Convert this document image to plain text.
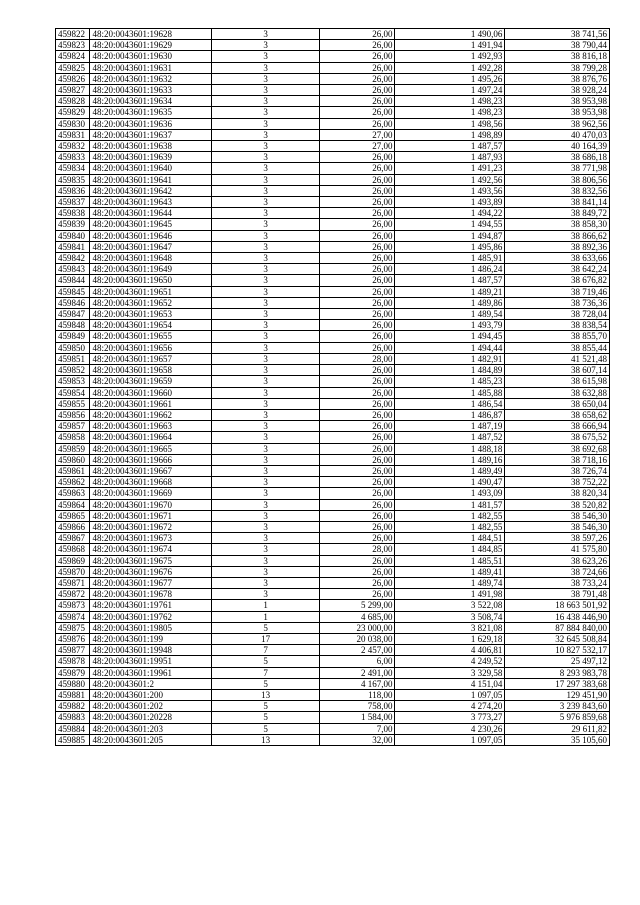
459822	48:20:0043601:19628	3	26,00	1 490,06	38 741,56
459823	48:20:0043601:19629	3	26,00	1 491,94	38 790,44
459824	48:20:0043601:19630	3	26,00	1 492,93	38 816,18
459825	48:20:0043601:19631	3	26,00	1 492,28	38 799,28
459826	48:20:0043601:19632	3	26,00	1 495,26	38 876,76
459827	48:20:0043601:19633	3	26,00	1 497,24	38 928,24
459828	48:20:0043601:19634	3	26,00	1 498,23	38 953,98
459829	48:20:0043601:19635	3	26,00	1 498,23	38 953,98
459830	48:20:0043601:19636	3	26,00	1 498,56	38 962,56
459831	48:20:0043601:19637	3	27,00	1 498,89	40 470,03
459832	48:20:0043601:19638	3	27,00	1 487,57	40 164,39
459833	48:20:0043601:19639	3	26,00	1 487,93	38 686,18
459834	48:20:0043601:19640	3	26,00	1 491,23	38 771,98
459835	48:20:0043601:19641	3	26,00	1 492,56	38 806,56
459836	48:20:0043601:19642	3	26,00	1 493,56	38 832,56
459837	48:20:0043601:19643	3	26,00	1 493,89	38 841,14
459838	48:20:0043601:19644	3	26,00	1 494,22	38 849,72
459839	48:20:0043601:19645	3	26,00	1 494,55	38 858,30
459840	48:20:0043601:19646	3	26,00	1 494,87	38 866,62
459841	48:20:0043601:19647	3	26,00	1 495,86	38 892,36
459842	48:20:0043601:19648	3	26,00	1 485,91	38 633,66
459843	48:20:0043601:19649	3	26,00	1 486,24	38 642,24
459844	48:20:0043601:19650	3	26,00	1 487,57	38 676,82
459845	48:20:0043601:19651	3	26,00	1 489,21	38 719,46
459846	48:20:0043601:19652	3	26,00	1 489,86	38 736,36
459847	48:20:0043601:19653	3	26,00	1 489,54	38 728,04
459848	48:20:0043601:19654	3	26,00	1 493,79	38 838,54
459849	48:20:0043601:19655	3	26,00	1 494,45	38 855,70
459850	48:20:0043601:19656	3	26,00	1 494,44	38 855,44
459851	48:20:0043601:19657	3	28,00	1 482,91	41 521,48
459852	48:20:0043601:19658	3	26,00	1 484,89	38 607,14
459853	48:20:0043601:19659	3	26,00	1 485,23	38 615,98
459854	48:20:0043601:19660	3	26,00	1 485,88	38 632,88
459855	48:20:0043601:19661	3	26,00	1 486,54	38 650,04
459856	48:20:0043601:19662	3	26,00	1 486,87	38 658,62
459857	48:20:0043601:19663	3	26,00	1 487,19	38 666,94
459858	48:20:0043601:19664	3	26,00	1 487,52	38 675,52
459859	48:20:0043601:19665	3	26,00	1 488,18	38 692,68
459860	48:20:0043601:19666	3	26,00	1 489,16	38 718,16
459861	48:20:0043601:19667	3	26,00	1 489,49	38 726,74
459862	48:20:0043601:19668	3	26,00	1 490,47	38 752,22
459863	48:20:0043601:19669	3	26,00	1 493,09	38 820,34
459864	48:20:0043601:19670	3	26,00	1 481,57	38 520,82
459865	48:20:0043601:19671	3	26,00	1 482,55	38 546,30
459866	48:20:0043601:19672	3	26,00	1 482,55	38 546,30
459867	48:20:0043601:19673	3	26,00	1 484,51	38 597,26
459868	48:20:0043601:19674	3	28,00	1 484,85	41 575,80
459869	48:20:0043601:19675	3	26,00	1 485,51	38 623,26
459870	48:20:0043601:19676	3	26,00	1 489,41	38 724,66
459871	48:20:0043601:19677	3	26,00	1 489,74	38 733,24
459872	48:20:0043601:19678	3	26,00	1 491,98	38 791,48
459873	48:20:0043601:19761	1	5 299,00	3 522,08	18 663 501,92
459874	48:20:0043601:19762	1	4 685,00	3 508,74	16 438 446,90
459875	48:20:0043601:19805	5	23 000,00	3 821,08	87 884 840,00
459876	48:20:0043601:199	17	20 038,00	1 629,18	32 645 508,84
459877	48:20:0043601:19948	7	2 457,00	4 406,81	10 827 532,17
459878	48:20:0043601:19951	5	6,00	4 249,52	25 497,12
459879	48:20:0043601:19961	7	2 491,00	3 329,58	8 293 983,78
459880	48:20:0043601:2	5	4 167,00	4 151,04	17 297 383,68
459881	48:20:0043601:200	13	118,00	1 097,05	129 451,90
459882	48:20:0043601:202	5	758,00	4 274,20	3 239 843,60
459883	48:20:0043601:20228	5	1 584,00	3 773,27	5 976 859,68
459884	48:20:0043601:203	5	7,00	4 230,26	29 611,82
459885	48:20:0043601:205	13	32,00	1 097,05	35 105,60
